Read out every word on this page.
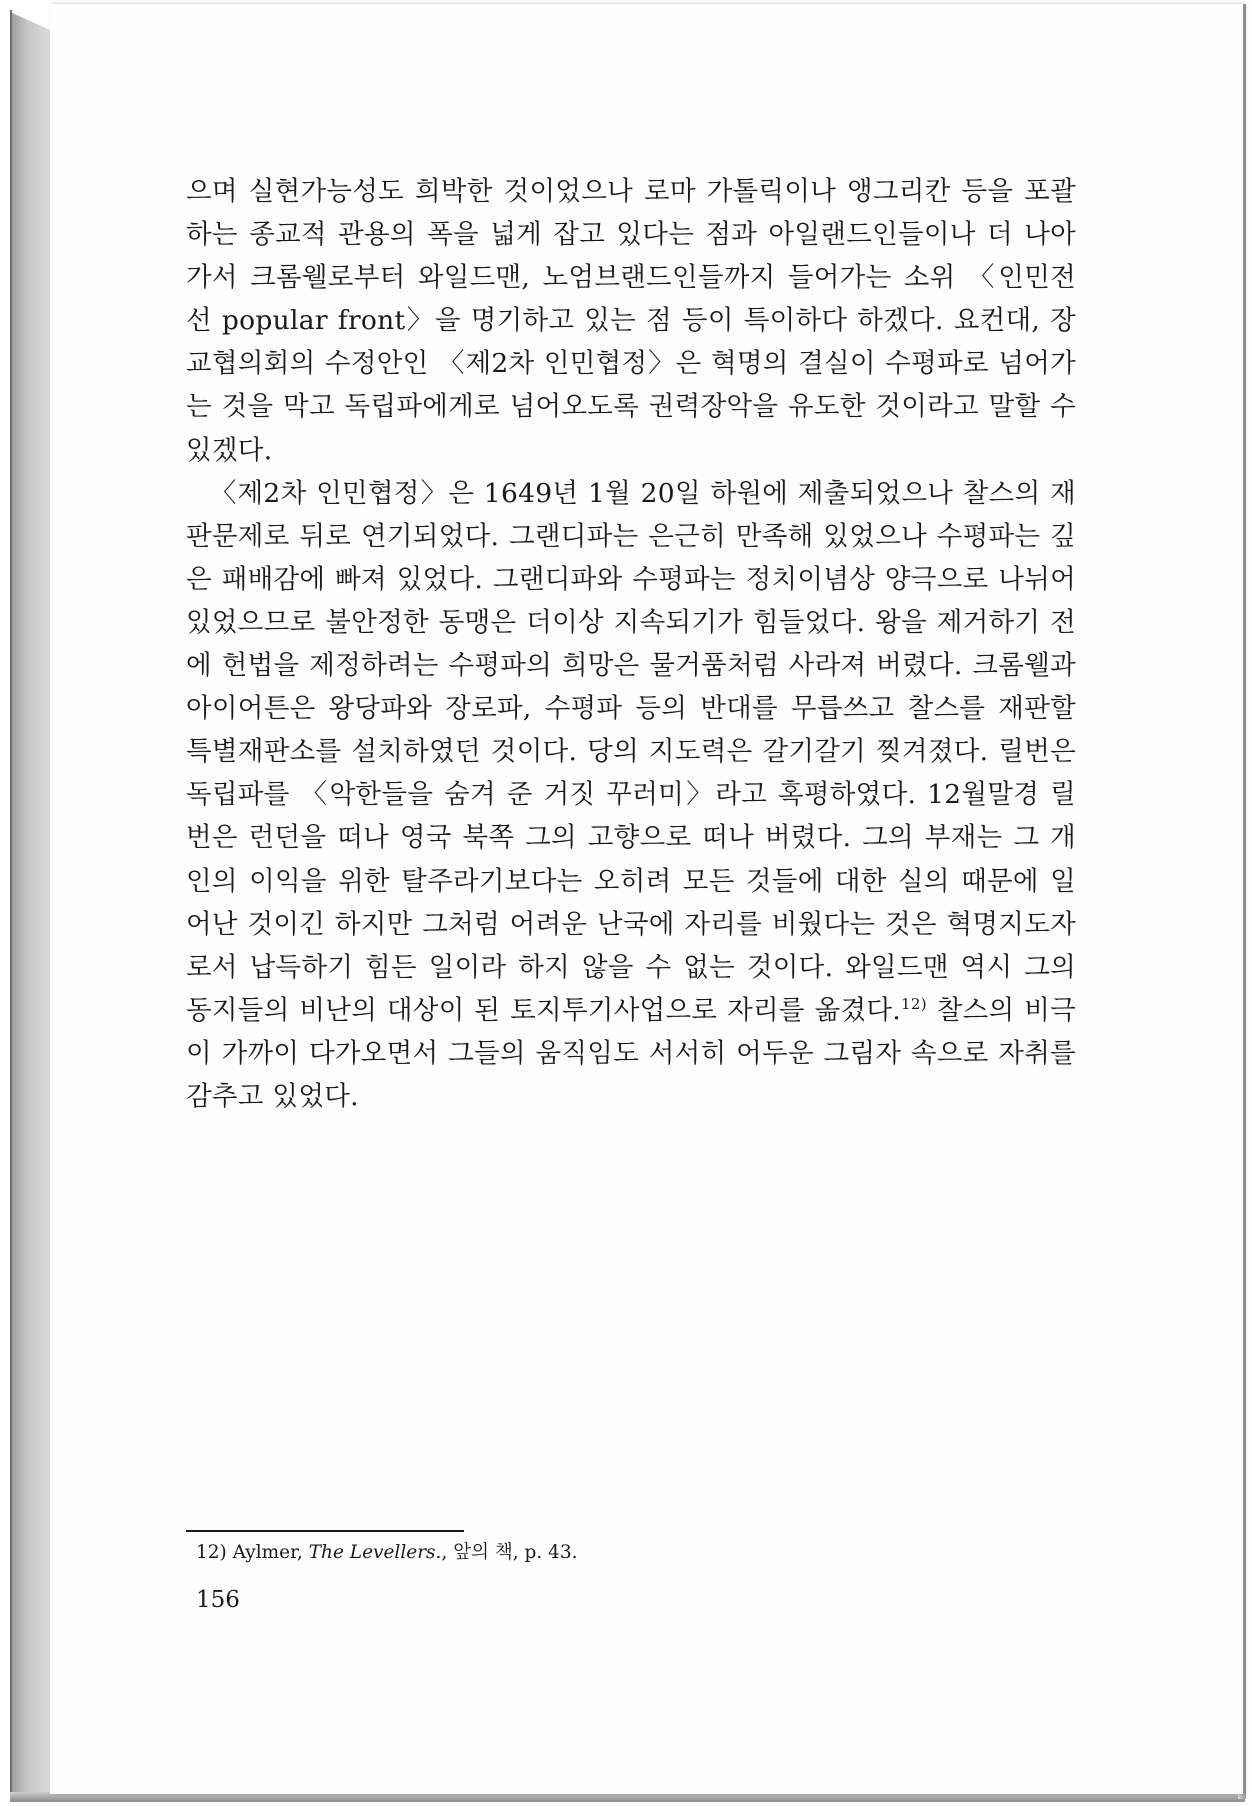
으며 실현가능성도 희박한 것이었으나 로마 가톨릭이나 앵그리칸 등을 포괄하는 종교적 관용의 폭을 넓게 잡고 있다는 점과 아일랜드인들이나 더 나아가서 크롬웰로부터 와일드맨, 노엄브랜드인들까지 들어가는 소위 〈인민전선 popular front〉을 명기하고 있는 점 등이 특이하다 하겠다. 요컨대, 장교협의회의 수정안인 〈제2차 인민협정〉은 혁명의 결실이 수평파로 넘어가는 것을 막고 독립파에게로 넘어오도록 권력장악을 유도한 것이라고 말할 수 있겠다.

〈제2차 인민협정〉은 1649년 1월 20일 하원에 제출되었으나 찰스의 재판문제로 뒤로 연기되었다. 그랜디파는 은근히 만족해 있었으나 수평파는 깊은 패배감에 빠져 있었다. 그랜디파와 수평파는 정치이념상 양극으로 나뉘어 있었으므로 불안정한 동맹은 더이상 지속되기가 힘들었다. 왕을 제거하기 전에 헌법을 제정하려는 수평파의 희망은 물거품처럼 사라져 버렸다. 크롬웰과 아이어튼은 왕당파와 장로파, 수평파 등의 반대를 무릅쓰고 찰스를 재판할 특별재판소를 설치하였던 것이다. 당의 지도력은 갈기갈기 찢겨졌다. 릴번은 독립파를 〈악한들을 숨겨 준 거짓 꾸러미〉라고 혹평하였다. 12월말경 릴번은 런던을 떠나 영국 북쪽 그의 고향으로 떠나 버렸다. 그의 부재는 그 개인의 이익을 위한 탈주라기보다는 오히려 모든 것들에 대한 실의 때문에 일어난 것이긴 하지만 그처럼 어려운 난국에 자리를 비웠다는 것은 혁명지도자로서 납득하기 힘든 일이라 하지 않을 수 없는 것이다. 와일드맨 역시 그의 동지들의 비난의 대상이 된 토지투기사업으로 자리를 옮겼다.$^{12)}$ 찰스의 비극이 가까이 다가오면서 그들의 움직임도 서서히 어두운 그림자 속으로 자취를 감추고 있었다.

12) Aylmer, The Levellers., 앞의 책, p. 43.
156
